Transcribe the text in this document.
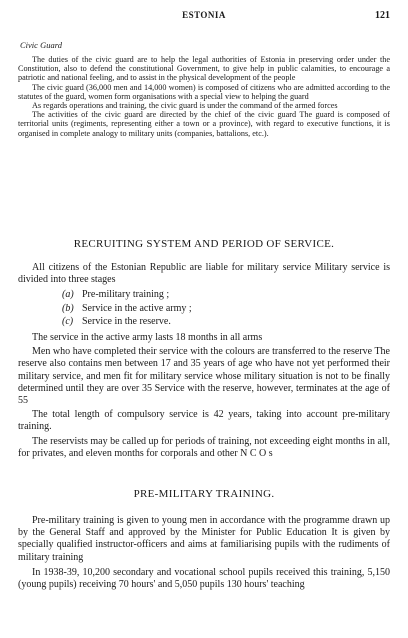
ESTONIA	121
Civic Guard

The duties of the civic guard are to help the legal authorities of Estonia in preserving order under the Constitution, also to defend the constitutional Government, to give help in public calamities, to encourage a patriotic and national feeling, and to assist in the physical development of the people

The civic guard (36,000 men and 14,000 women) is composed of citizens who are admitted according to the statutes of the guard, women form organisations with a special view to helping the guard

As regards operations and training, the civic guard is under the command of the armed forces

The activities of the civic guard are directed by the chief of the civic guard The guard is composed of territorial units (regiments, representing either a town or a province), with regard to executive functions, it is organised in complete analogy to military units (companies, battalions, etc.).

RECRUITING SYSTEM AND PERIOD OF SERVICE.

All citizens of the Estonian Republic are liable for military service Military service is divided into three stages

(a) Pre-military training ;
(b) Service in the active army ;
(c) Service in the reserve.

The service in the active army lasts 18 months in all arms

Men who have completed their service with the colours are transferred to the reserve The reserve also contains men between 17 and 35 years of age who have not yet performed their military service, and men fit for military service whose military situation is not to be finally determined until they are over 35 Service with the reserve, however, terminates at the age of 55

The total length of compulsory service is 42 years, taking into account pre-military training.

The reservists may be called up for periods of training, not exceeding eight months in all, for privates, and eleven months for corporals and other N C O s

PRE-MILITARY TRAINING.

Pre-military training is given to young men in accordance with the programme drawn up by the General Staff and approved by the Minister for Public Education It is given by specially qualified instructor-officers and aims at familiarising pupils with the rudiments of military training

In 1938-39, 10,200 secondary and vocational school pupils received this training, 5,150 (young pupils) receiving 70 hours' and 5,050 pupils 130 hours' teaching
